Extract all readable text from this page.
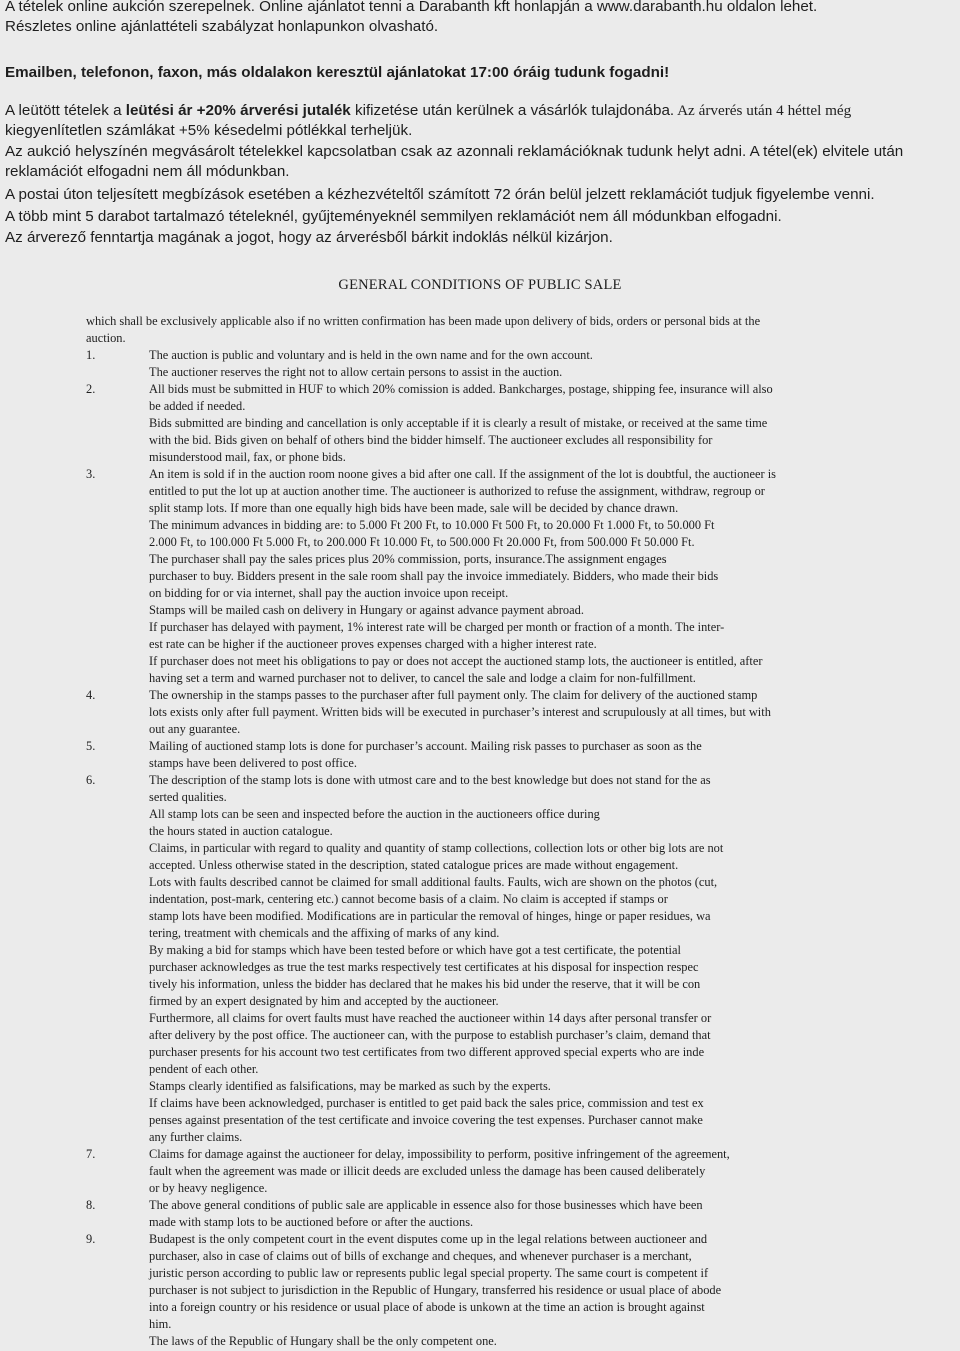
A tételek online aukción szerepelnek. Online ajánlatot tenni a Darabanth kft honlapján a www.darabanth.hu oldalon lehet.
Részletes online ajánlattételi szabályzat honlapunkon olvasható.
Emailben, telefonon, faxon, más oldalakon keresztül ajánlatokat 17:00 óráig tudunk fogadni!
A leütött tételek a leütési ár +20% árverési jutalék kifizetése után kerülnek a vásárlók tulajdonába. Az árverés után 4 héttel még
kiegyenlítetlen számlákat +5% késedelmi pótlékkal terheljük.
Az aukció helyszínén megvásárolt tételekkel kapcsolatban csak az azonnali reklamációknak tudunk helyt adni. A tétel(ek) elvitele után
reklamációt elfogadni nem áll módunkban.
A postai úton teljesített megbízások esetében a kézhezvételtől számított 72 órán belül jelzett reklamációt tudjuk figyelembe venni.
A több mint 5 darabot tartalmazó tételeknél, gyűjteményeknél semmilyen reklamációt nem áll módunkban elfogadni.
Az árverező fenntartja magának a jogot, hogy az árverésből bárkit indoklás nélkül kizárjon.
GENERAL CONDITIONS OF PUBLIC SALE
which shall be exclusively applicable also if no written confirmation has been made upon delivery of bids, orders or personal bids at the
auction.
1.	The auction is public and voluntary and is held in the own name and for the own account.
The auctioner reserves the right not to allow certain persons to assist in the auction.
2.	All bids must be submitted in HUF to which 20% comission is added. Bankcharges, postage, shipping fee, insurance will also
be added if needed.
Bids submitted are binding and cancellation is only acceptable if it is clearly a result of mistake, or received at the same time
with the bid. Bids given on behalf of others bind the bidder himself. The auctioneer excludes all responsibility for
misunderstood mail, fax, or phone bids.
3.	An item is sold if in the auction room noone gives a bid after one call. If the assignment of the lot is doubtful, the auctioneer is
entitled to put the lot up at auction another time. The auctioneer is authorized to refuse the assignment, withdraw, regroup or
split stamp lots. If more than one equally high bids have been made, sale will be decided by chance drawn.
The minimum advances in bidding are: to 5.000 Ft 200 Ft, to 10.000 Ft 500 Ft, to 20.000 Ft 1.000 Ft, to 50.000 Ft
2.000 Ft, to 100.000 Ft 5.000 Ft, to 200.000 Ft 10.000 Ft, to 500.000 Ft 20.000 Ft, from 500.000 Ft 50.000 Ft.
The purchaser shall pay the sales prices plus 20% commission, ports, insurance.The assignment engages
purchaser to buy. Bidders present in the sale room shall pay the invoice immediately. Bidders, who made their bids
on bidding for or via internet, shall pay the auction invoice upon receipt.
Stamps will be mailed cash on delivery in Hungary or against advance payment abroad.
If purchaser has delayed with payment, 1% interest rate will be charged per month or fraction of a month. The inter-
est rate can be higher if the auctioneer proves expenses charged with a higher interest rate.
If purchaser does not meet his obligations to pay or does not accept the auctioned stamp lots, the auctioneer is entitled, after
having set a term and warned purchaser not to deliver, to cancel the sale and lodge a claim for non-fulfillment.
4.	The ownership in the stamps passes to the purchaser after full payment only. The claim for delivery of the auctioned stamp
lots exists only after full payment. Written bids will be executed in purchaser’s interest and scrupulously at all times, but with
out any guarantee.
5.	Mailing of auctioned stamp lots is done for purchaser’s account. Mailing risk passes to purchaser as soon as the
stamps have been delivered to post office.
6.	The description of the stamp lots is done with utmost care and to the best knowledge but does not stand for the as
serted qualities.
All stamp lots can be seen and inspected before the auction in the auctioneers office during
the hours stated in auction catalogue.
Claims, in particular with regard to quality and quantity of stamp collections, collection lots or other big lots are not
accepted. Unless otherwise stated in the description, stated catalogue prices are made without engagement.
Lots with faults described cannot be claimed for small additional faults. Faults, wich are shown on the photos (cut,
indentation, post-mark, centering etc.) cannot become basis of a claim. No claim is accepted if stamps or
stamp lots have been modified. Modifications are in particular the removal of hinges, hinge or paper residues, wa
tering, treatment with chemicals and the affixing of marks of any kind.
By making a bid for stamps which have been tested before or which have got a test certificate, the potential
purchaser acknowledges as true the test marks respectively test certificates at his disposal for inspection respec
tively his information, unless the bidder has declared that he makes his bid under the reserve, that it will be con
firmed by an expert designated by him and accepted by the auctioneer.
Furthermore, all claims for overt faults must have reached the auctioneer within 14 days after personal transfer or
after delivery by the post office. The auctioneer can, with the purpose to establish purchaser’s claim, demand that
purchaser presents for his account two test certificates from two different approved special experts who are inde
pendent of each other.
Stamps clearly identified as falsifications, may be marked as such by the experts.
If claims have been acknowledged, purchaser is entitled to get paid back the sales price, commission and test ex
penses against presentation of the test certificate and invoice covering the test expenses. Purchaser cannot make
any further claims.
7.	Claims for damage against the auctioneer for delay, impossibility to perform, positive infringement of the agreement,
fault when the agreement was made or illicit deeds are excluded unless the damage has been caused deliberately
or by heavy negligence.
8.	The above general conditions of public sale are applicable in essence also for those businesses which have been
made with stamp lots to be auctioned before or after the auctions.
9.	Budapest is the only competent court in the event disputes come up in the legal relations between auctioneer and
purchaser, also in case of claims out of bills of exchange and cheques, and whenever purchaser is a merchant,
juristic person according to public law or represents public legal special property. The same court is competent if
purchaser is not subject to jurisdiction in the Republic of Hungary, transferred his residence or usual place of abode
into a foreign country or his residence or usual place of abode is unkown at the time an action is brought against
him.
The laws of the Republic of Hungary shall be the only competent one.
